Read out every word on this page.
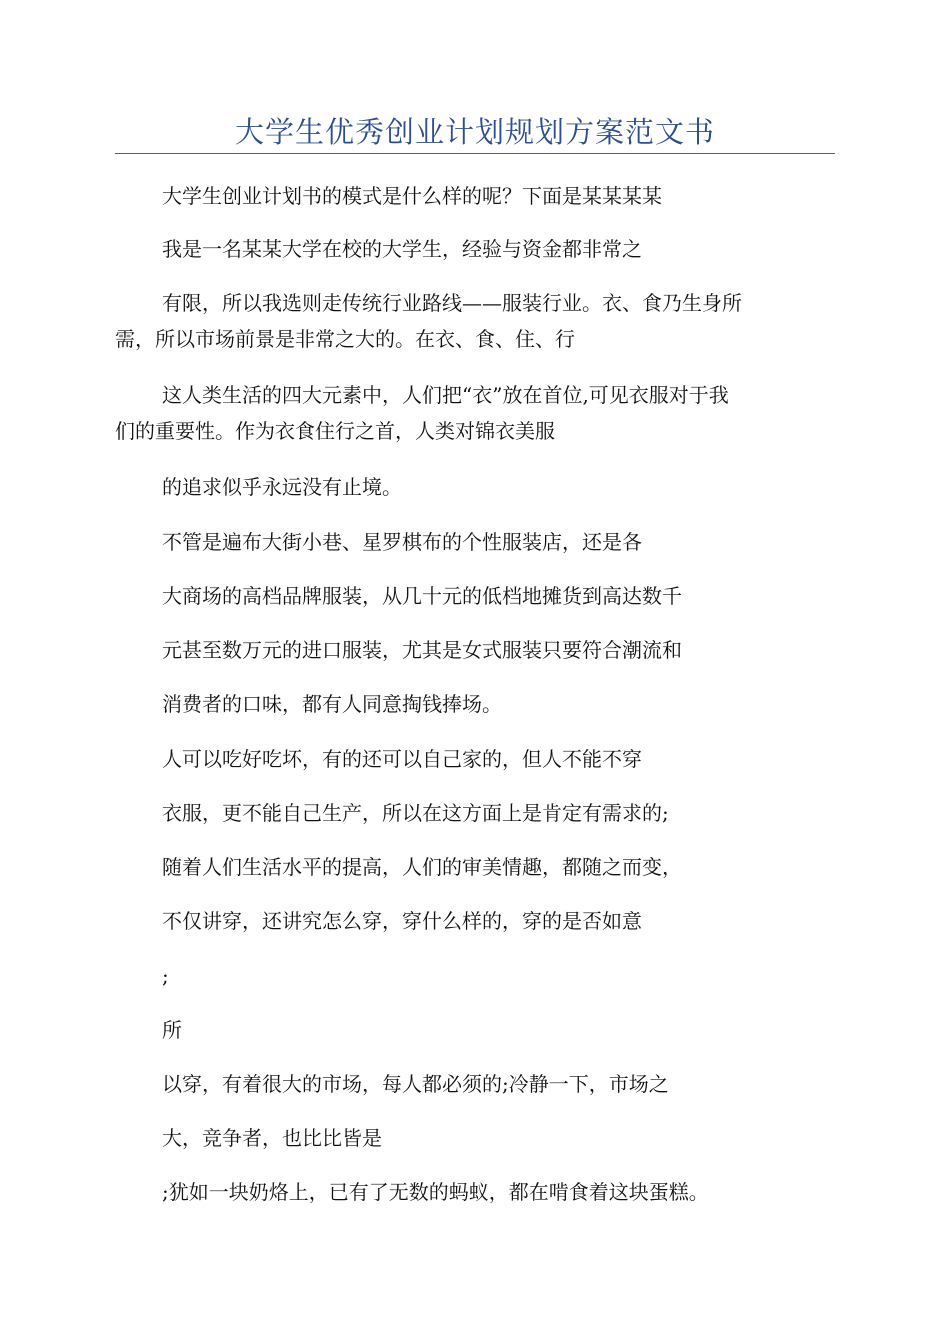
大学生优秀创业计划规划方案范文书
大学生创业计划书的模式是什么样的呢？下面是某某某某
我是一名某某大学在校的大学生，经验与资金都非常之
有限，所以我选则走传统行业路线——服装行业。衣、食乃生身所
需，所以市场前景是非常之大的。在衣、食、住、行
这人类生活的四大元素中，人们把“衣”放在首位,可见衣服对于我
们的重要性。作为衣食住行之首，人类对锦衣美服
的追求似乎永远没有止境。
不管是遍布大街小巷、星罗棋布的个性服装店，还是各
大商场的高档品牌服装，从几十元的低档地摊货到高达数千
元甚至数万元的进口服装，尤其是女式服装只要符合潮流和
消费者的口味，都有人同意掏钱捧场。
人可以吃好吃坏，有的还可以自己家的，但人不能不穿
衣服，更不能自己生产，所以在这方面上是肯定有需求的;
随着人们生活水平的提高，人们的审美情趣，都随之而变，
不仅讲穿，还讲究怎么穿，穿什么样的，穿的是否如意
;
所
以穿，有着很大的市场，每人都必须的;冷静一下，市场之
大，竞争者，也比比皆是
;犹如一块奶烙上，已有了无数的蚂蚁，都在啃食着这块蛋糕。
